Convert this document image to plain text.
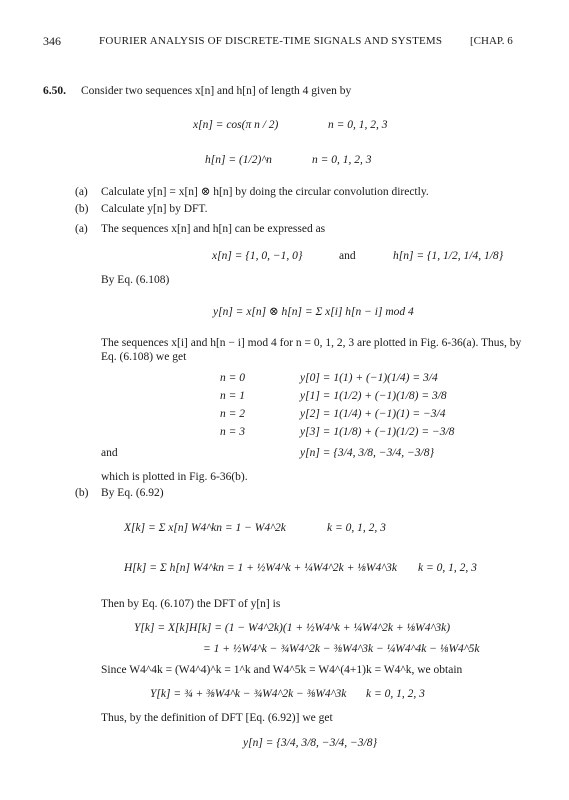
346	FOURIER ANALYSIS OF DISCRETE-TIME SIGNALS AND SYSTEMS	[CHAP. 6
6.50. Consider two sequences x[n] and h[n] of length 4 given by
x[n] = cos(π n / 2)	n = 0, 1, 2, 3
h[n] = (1/2)^n	n = 0, 1, 2, 3
(a) Calculate y[n] = x[n] ⊗ h[n] by doing the circular convolution directly.
(b) Calculate y[n] by DFT.
(a) The sequences x[n] and h[n] can be expressed as
x[n] = {1, 0, −1, 0}	and	h[n] = {1, 1/2, 1/4, 1/8}
By Eq. (6.108)
y[n] = x[n] ⊗ h[n] = Σ x[i] h[n − i] mod 4
The sequences x[i] and h[n − i] mod 4 for n = 0, 1, 2, 3 are plotted in Fig. 6-36(a). Thus, by
Eq. (6.108) we get
n = 0	y[0] = 1(1) + (−1)(1/4) = 3/4
n = 1	y[1] = 1(1/2) + (−1)(1/8) = 3/8
n = 2	y[2] = 1(1/4) + (−1)(1) = −3/4
n = 3	y[3] = 1(1/8) + (−1)(1/2) = −3/8
and	y[n] = {3/4, 3/8, −3/4, −3/8}
which is plotted in Fig. 6-36(b).
(b) By Eq. (6.92)
X[k] = Σ x[n] W4^kn = 1 − W4^2k	k = 0, 1, 2, 3
H[k] = Σ h[n] W4^kn = 1 + ½W4^k + ¼W4^2k + ⅛W4^3k k = 0, 1, 2, 3
Then by Eq. (6.107) the DFT of y[n] is
Y[k] = X[k]H[k] = (1 − W4^2k)(1 + ½W4^k + ¼W4^2k + ⅛W4^3k)
= 1 + ½W4^k − ¾W4^2k − ⅜W4^3k − ¼W4^4k − ⅛W4^5k
Since W4^4k = (W4^4)^k = 1^k and W4^5k = W4^(4+1)k = W4^k, we obtain
Y[k] = ¾ + ⅜W4^k − ¾W4^2k − ⅜W4^3k k = 0, 1, 2, 3
Thus, by the definition of DFT [Eq. (6.92)] we get
y[n] = {3/4, 3/8, −3/4, −3/8}
